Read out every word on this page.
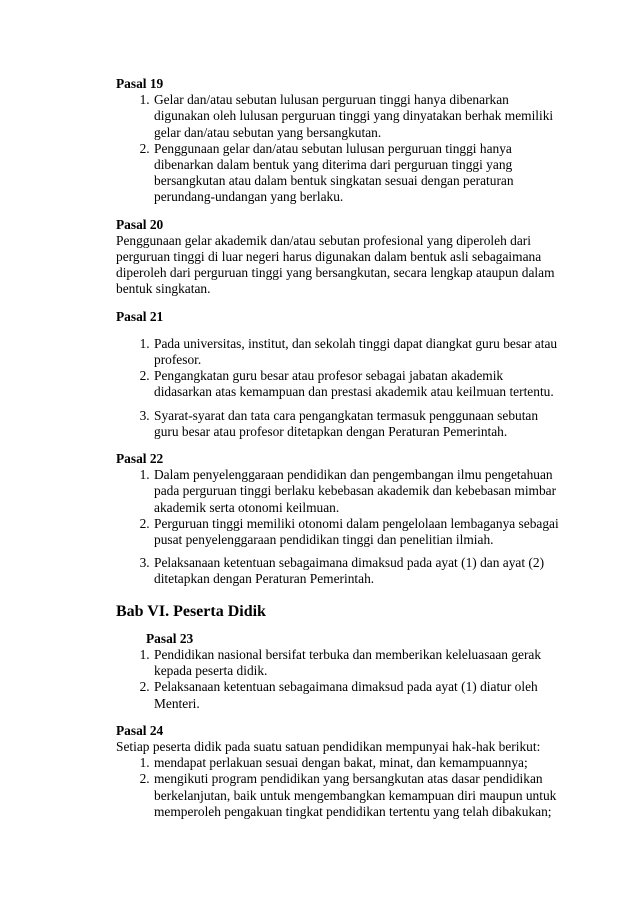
Pasal 19

1. Gelar dan/atau sebutan lulusan perguruan tinggi hanya dibenarkan digunakan oleh lulusan perguruan tinggi yang dinyatakan berhak memiliki gelar dan/atau sebutan yang bersangkutan.
2. Penggunaan gelar dan/atau sebutan lulusan perguruan tinggi hanya dibenarkan dalam bentuk yang diterima dari perguruan tinggi yang bersangkutan atau dalam bentuk singkatan sesuai dengan peraturan perundang-undangan yang berlaku.

Pasal 20

Penggunaan gelar akademik dan/atau sebutan profesional yang diperoleh dari perguruan tinggi di luar negeri harus digunakan dalam bentuk asli sebagaimana diperoleh dari perguruan tinggi yang bersangkutan, secara lengkap ataupun dalam bentuk singkatan.

Pasal 21

1. Pada universitas, institut, dan sekolah tinggi dapat diangkat guru besar atau profesor.
2. Pengangkatan guru besar atau profesor sebagai jabatan akademik didasarkan atas kemampuan dan prestasi akademik atau keilmuan tertentu.
3. Syarat-syarat dan tata cara pengangkatan termasuk penggunaan sebutan guru besar atau profesor ditetapkan dengan Peraturan Pemerintah.

Pasal 22

1. Dalam penyelenggaraan pendidikan dan pengembangan ilmu pengetahuan pada perguruan tinggi berlaku kebebasan akademik dan kebebasan mimbar akademik serta otonomi keilmuan.
2. Perguruan tinggi memiliki otonomi dalam pengelolaan lembaganya sebagai pusat penyelenggaraan pendidikan tinggi dan penelitian ilmiah.
3. Pelaksanaan ketentuan sebagaimana dimaksud pada ayat (1) dan ayat (2) ditetapkan dengan Peraturan Pemerintah.

Bab VI. Peserta Didik

Pasal 23

1. Pendidikan nasional bersifat terbuka dan memberikan keleluasaan gerak kepada peserta didik.
2. Pelaksanaan ketentuan sebagaimana dimaksud pada ayat (1) diatur oleh Menteri.

Pasal 24

Setiap peserta didik pada suatu satuan pendidikan mempunyai hak-hak berikut:

1. mendapat perlakuan sesuai dengan bakat, minat, dan kemampuannya;
2. mengikuti program pendidikan yang bersangkutan atas dasar pendidikan berkelanjutan, baik untuk mengembangkan kemampuan diri maupun untuk memperoleh pengakuan tingkat pendidikan tertentu yang telah dibakukan;
